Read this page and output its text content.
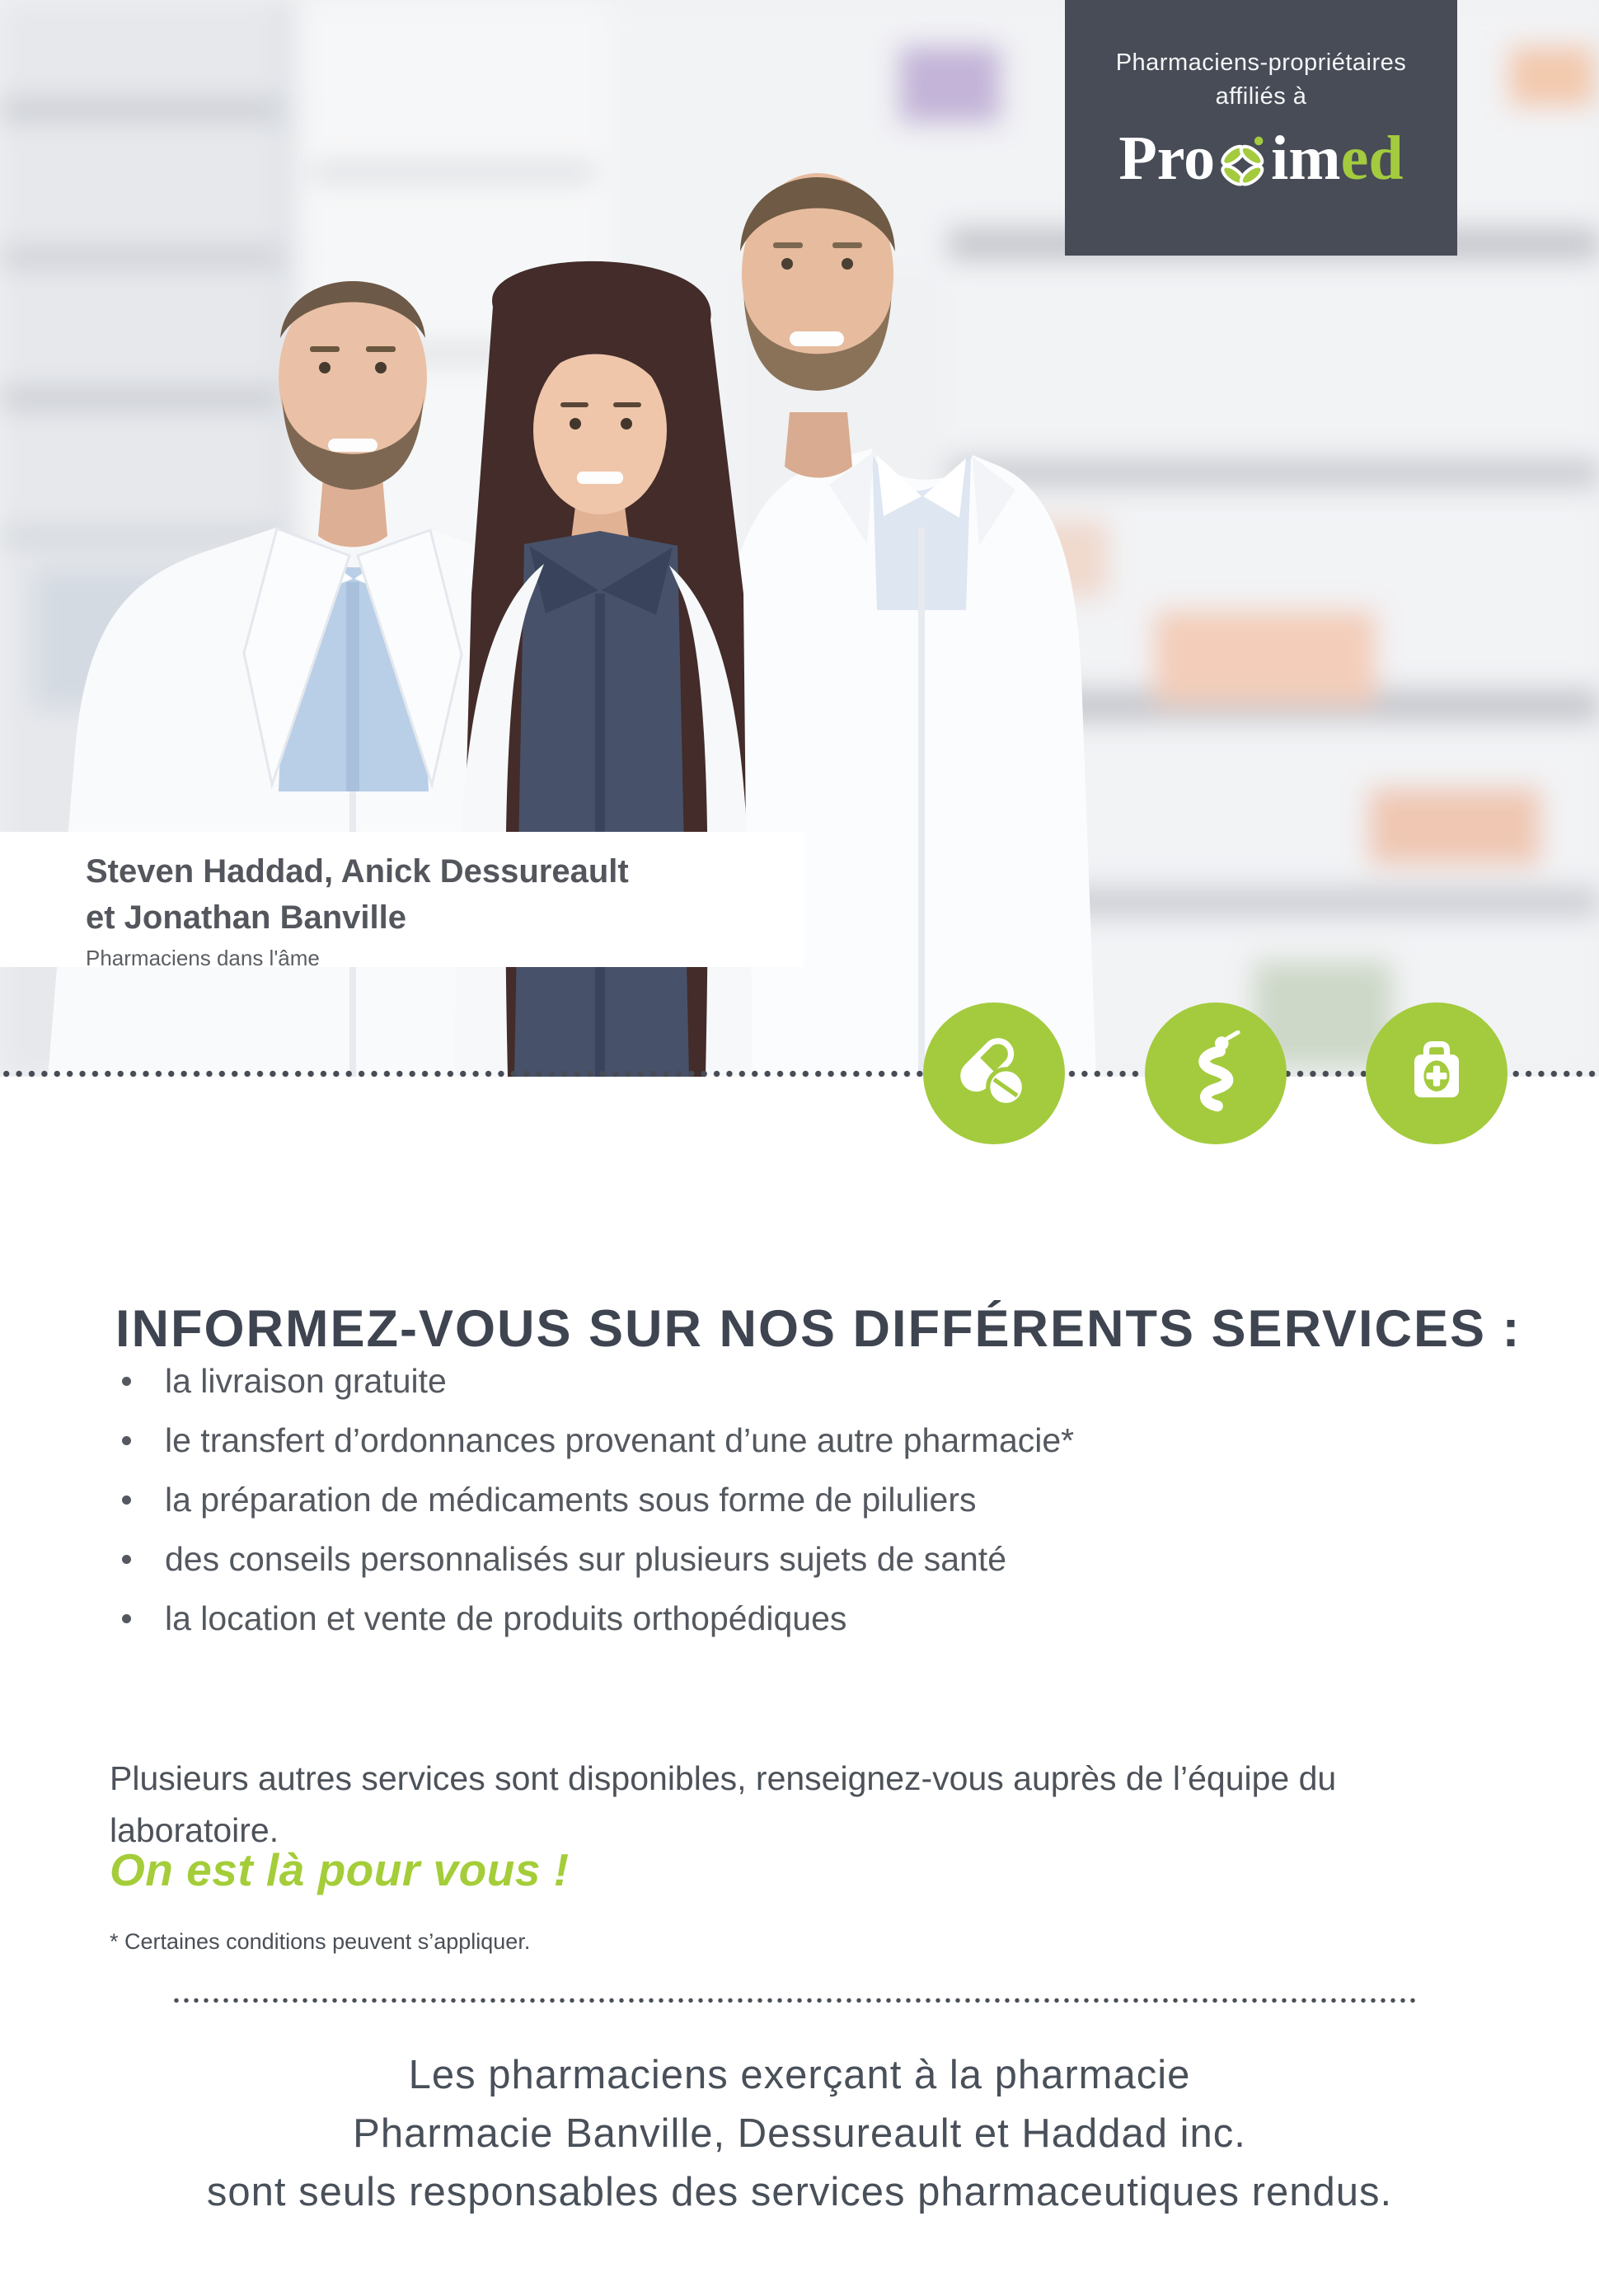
Pharmaciens-propriétaires
affiliés à
Pro im ed
Steven Haddad, Anick Dessureault
et Jonathan Banville
Pharmaciens dans l'âme
INFORMEZ-VOUS SUR NOS DIFFÉRENTS SERVICES :
la livraison gratuite
le transfert d’ordonnances provenant d’une autre pharmacie*
la préparation de médicaments sous forme de piluliers
des conseils personnalisés sur plusieurs sujets de santé
la location et vente de produits orthopédiques

Plusieurs autres services sont disponibles, renseignez-vous auprès de l’équipe du laboratoire.

On est là pour vous !
* Certaines conditions peuvent s’appliquer.
Les pharmaciens exerçant à la pharmacie
Pharmacie Banville, Dessureault et Haddad inc.
sont seuls responsables des services pharmaceutiques rendus.
